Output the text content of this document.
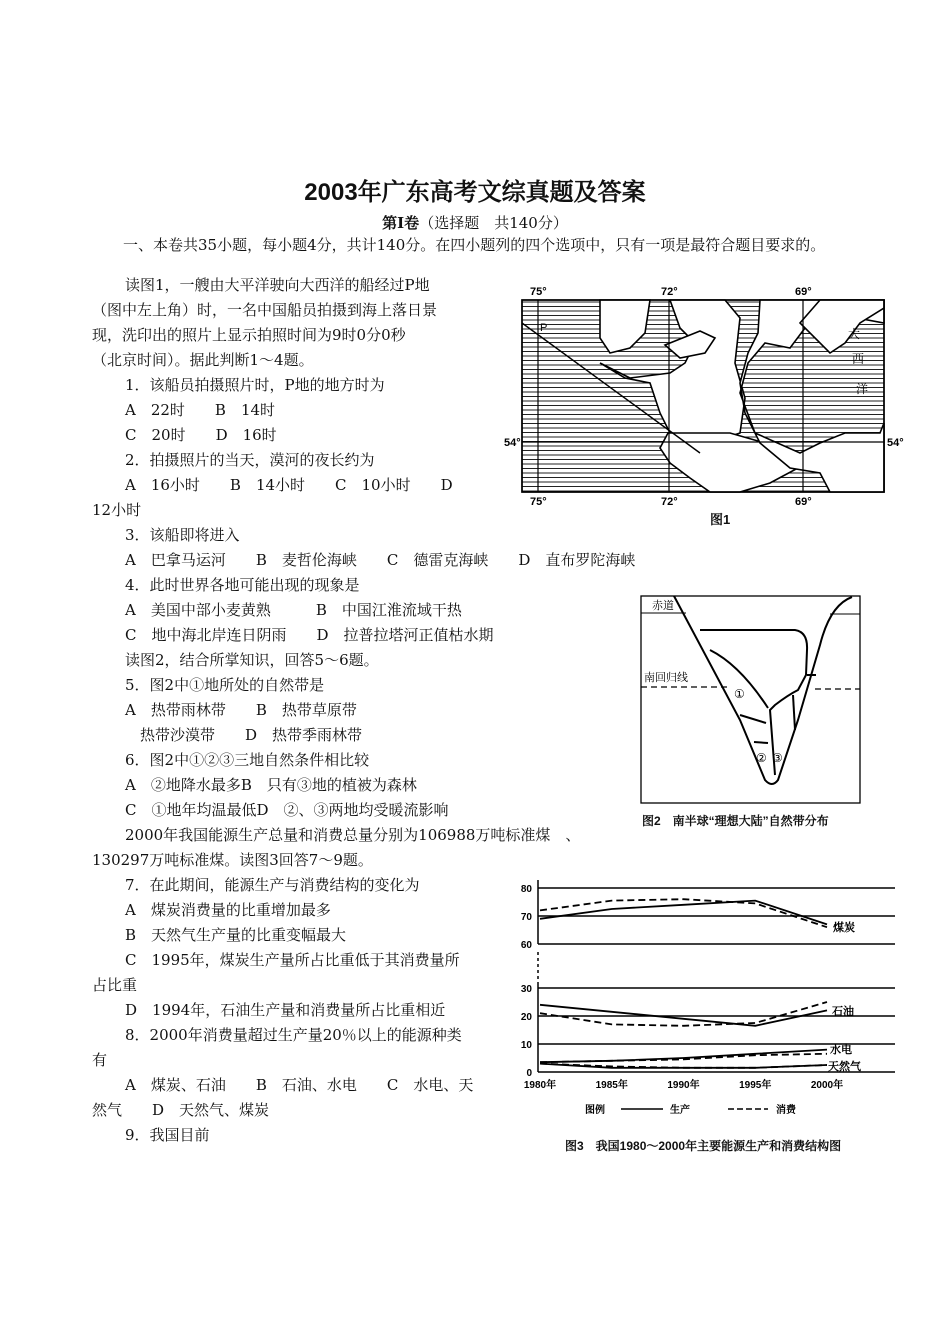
2003年广东高考文综真题及答案
第I卷（选择题　共140分）
一、本卷共35小题，每小题4分，共计140分。在四小题列的四个选项中，只有一项是最符合题目要求的。
读图1，一艘由大平洋驶向大西洋的船经过P地
（图中左上角）时，一名中国船员拍摄到海上落日景
现，洗印出的照片上显示拍照时间为9时0分0秒
（北京时间）。据此判断1～4题。
1．该船员拍摄照片时，P地的地方时为
A　22时　　B　14时
C　20时　　D　16时
2．拍摄照片的当天，漠河的夜长约为
A　16小时　　B　14小时　　C　10小时　　D
12小时
3．该船即将进入
A　巴拿马运河　　B　麦哲伦海峡　　C　德雷克海峡　　D　直布罗陀海峡
4．此时世界各地可能出现的现象是
A　美国中部小麦黄熟　　　B　中国江淮流域干热
C　地中海北岸连日阴雨　　D　拉普拉塔河正值枯水期
读图2，结合所掌知识，回答5～6题。
5．图2中①地所处的自然带是
A　热带雨林带　　B　热带草原带
　热带沙漠带　　D　热带季雨林带
6．图2中①②③三地自然条件相比较
A　②地降水最多B　只有③地的植被为森林
C　①地年均温最低D　②、③两地均受暖流影响
2000年我国能源生产总量和消费总量分别为106988万吨标准煤　、
130297万吨标准煤。读图3回答7～9题。
7．在此期间，能源生产与消费结构的变化为
A　煤炭消费量的比重增加最多
B　天然气生产量的比重变幅最大
C　1995年，煤炭生产量所占比重低于其消费量所
占比重
D　1994年，石油生产量和消费量所占比重相近
8．2000年消费量超过生产量20％以上的能源种类
有
A　煤炭、石油　　B　石油、水电　　C　水电、天
然气　　D　天然气、煤炭
9．我国目前
75°	72°	69°
75°	72°	69°
54°	54°
P	大
西
洋
图1
赤道
南回归线
①
② ③
图2　南半球“理想大陆”自然带分布
0
10
20
30
60
70
80
1980年	1985年	1990年	1995年	2000年
煤炭
石油
水电
天然气
图例	生产	消费
图3　我国1980～2000年主要能源生产和消费结构图
